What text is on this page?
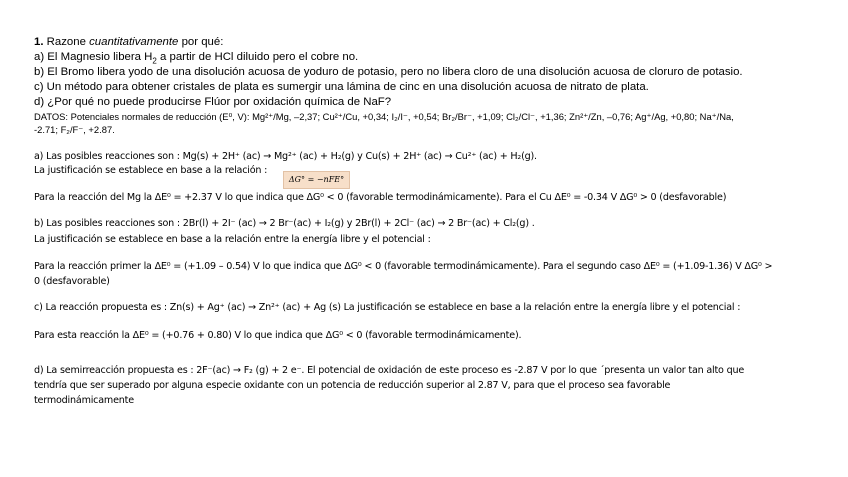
1. Razone cuantitativamente por qué:
a) El Magnesio libera $H_2$ a partir de HCl diluido pero el cobre no.
b) El Bromo libera yodo de una disolución acuosa de yoduro de potasio, pero no libera cloro de una disolución acuosa de cloruro de potasio.
c) Un método para obtener cristales de plata es sumergir una lámina de cinc en una disolución acuosa de nitrato de plata.
d) ¿Por qué no puede producirse Flúor por oxidación química de NaF?
DATOS: Potenciales normales de reducción (E⁰, V): Mg²⁺/Mg, –2,37; Cu²⁺/Cu, +0,34; I₂/I⁻, +0,54; Br₂/Br⁻, +1,09; Cl₂/Cl⁻, +1,36; Zn²⁺/Zn, –0,76; Ag⁺/Ag, +0,80; Na⁺/Na,
-2.71; F₂/F⁻, +2.87.
a) Las posibles reacciones son : Mg(s) + 2H⁺ (ac) → Mg²⁺ (ac) + H₂(g) y Cu(s) + 2H⁺ (ac) → Cu²⁺ (ac) + H₂(g).
La justificación se establece en base a la relación :
ΔG° = −nFE°
Para la reacción del Mg la ΔE⁰ = +2.37 V lo que indica que ΔG⁰ < 0 (favorable termodinámicamente). Para el Cu ΔE⁰ = -0.34 V ΔG⁰ > 0 (desfavorable)
b) Las posibles reacciones son : 2Br(l) + 2I⁻ (ac) → 2 Br⁻(ac) + I₂(g) y 2Br(l) + 2Cl⁻ (ac) → 2 Br⁻(ac) + Cl₂(g) .
La justificación se establece en base a la relación entre la energía libre y el potencial :
Para la reacción primer la ΔE⁰ = (+1.09 – 0.54) V lo que indica que ΔG⁰ < 0 (favorable termodinámicamente). Para el segundo caso ΔE⁰ = (+1.09-1.36) V ΔG⁰ >
0 (desfavorable)
c) La reacción propuesta es : Zn(s) + Ag⁺ (ac) → Zn²⁺ (ac) + Ag (s) La justificación se establece en base a la relación entre la energía libre y el potencial :
Para esta reacción la ΔE⁰ = (+0.76 + 0.80) V lo que indica que ΔG⁰ < 0 (favorable termodinámicamente).
d) La semirreacción propuesta es : 2F⁻(ac) → F₂ (g) + 2 e⁻. El potencial de oxidación de este proceso es -2.87 V por lo que ´presenta un valor tan alto que
tendría que ser superado por alguna especie oxidante con un potencia de reducción superior al 2.87 V, para que el proceso sea favorable
termodinámicamente
